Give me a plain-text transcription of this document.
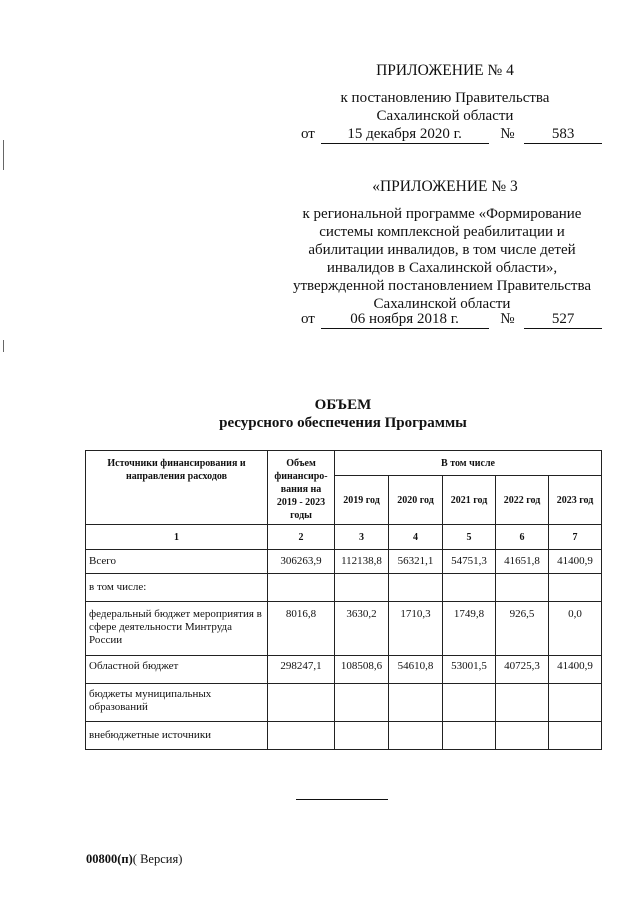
ПРИЛОЖЕНИЕ № 4
к постановлению Правительства
Сахалинской области
от 15 декабря 2020 г.	№ 583
«ПРИЛОЖЕНИЕ № 3
к региональной программе «Формирование
системы комплексной реабилитации и
абилитации инвалидов, в том числе детей
инвалидов в Сахалинской области»,
утвержденной постановлением Правительства
Сахалинской области
от 06 ноября 2018 г.	№ 527
ОБЪЕМ
ресурсного обеспечения Программы
Источники финансирования и направления расходов	Объем финансиро-вания на 2019 - 2023 годы	В том числе				
		2019 год	2020 год	2021 год	2022 год	2023 год
1	2	3	4	5	6	7
Всего	306263,9	112138,8	56321,1	54751,3	41651,8	41400,9
в том числе:						
федеральный бюджет мероприятия в сфере деятельности Минтруда России	8016,8	3630,2	1710,3	1749,8	926,5	0,0
Областной бюджет	298247,1	108508,6	54610,8	53001,5	40725,3	41400,9
бюджеты муниципальных образований						
внебюджетные источники						
00800(п)( Версия)
